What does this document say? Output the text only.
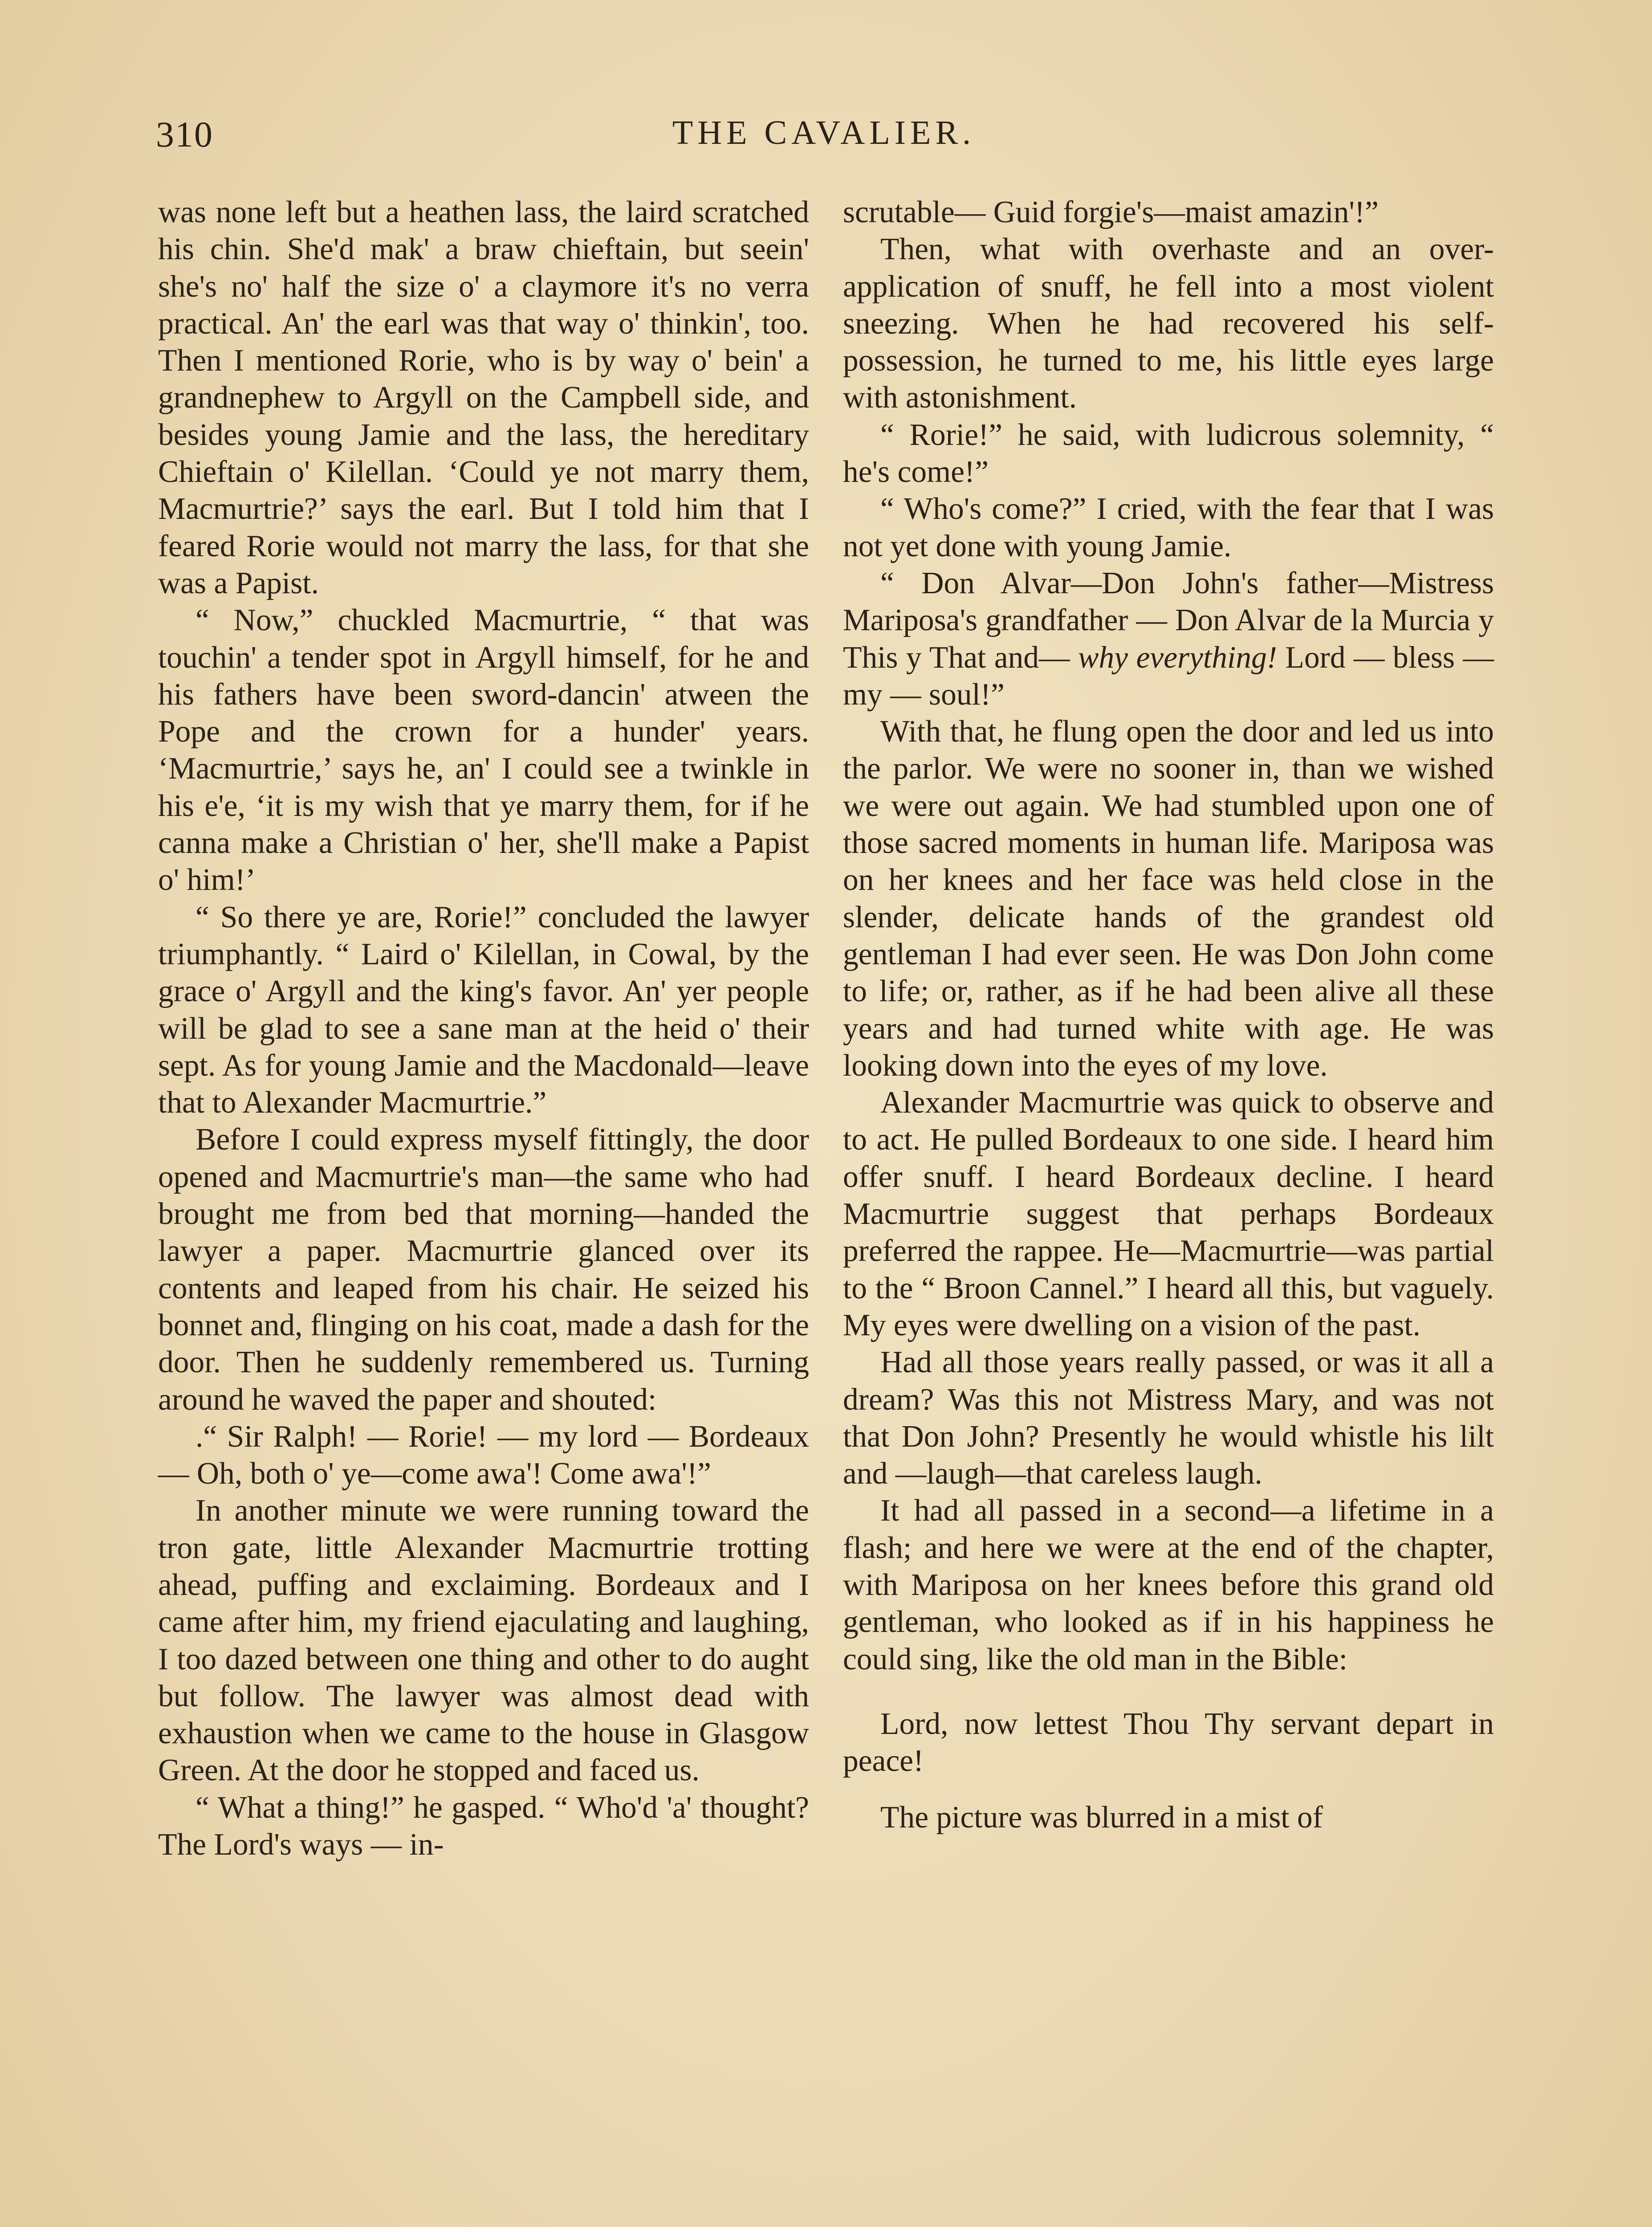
310	THE CAVALIER.

was none left but a heathen lass, the laird scratched his chin. She'd mak' a braw chieftain, but seein' she's no' half the size o' a claymore it's no verra practical. An' the earl was that way o' thinkin', too. Then I mentioned Rorie, who is by way o' bein' a grandnephew to Argyll on the Campbell side, and besides young Jamie and the lass, the hereditary Chieftain o' Kilellan. ‘Could ye not marry them, Macmurtrie?’ says the earl. But I told him that I feared Rorie would not marry the lass, for that she was a Papist.

“ Now,” chuckled Macmurtrie, “ that was touchin' a tender spot in Argyll himself, for he and his fathers have been sword-dancin' atween the Pope and the crown for a hunder' years. ‘Macmurtrie,’ says he, an' I could see a twinkle in his e'e, ‘it is my wish that ye marry them, for if he canna make a Christian o' her, she'll make a Papist o' him!’

“ So there ye are, Rorie!” concluded the lawyer triumphantly. “ Laird o' Kilellan, in Cowal, by the grace o' Argyll and the king's favor. An' yer people will be glad to see a sane man at the heid o' their sept. As for young Jamie and the Macdonald—leave that to Alexander Macmurtrie.”

Before I could express myself fittingly, the door opened and Macmurtrie's man—the same who had brought me from bed that morning—handed the lawyer a paper. Macmurtrie glanced over its contents and leaped from his chair. He seized his bonnet and, flinging on his coat, made a dash for the door. Then he suddenly remembered us. Turning around he waved the paper and shouted:

.“ Sir Ralph! — Rorie! — my lord — Bordeaux— Oh, both o' ye—come awa'! Come awa'!”

In another minute we were running toward the tron gate, little Alexander Macmurtrie trotting ahead, puffing and exclaiming. Bordeaux and I came after him, my friend ejaculating and laughing, I too dazed between one thing and other to do aught but follow. The lawyer was almost dead with exhaustion when we came to the house in Glasgow Green. At the door he stopped and faced us.

“ What a thing!” he gasped. “ Who'd 'a' thought? The Lord's ways — in-

scrutable— Guid forgie's—maist amazin'!”

Then, what with overhaste and an over-application of snuff, he fell into a most violent sneezing. When he had recovered his self-possession, he turned to me, his little eyes large with astonishment.

“ Rorie!” he said, with ludicrous solemnity, “ he's come!”

“ Who's come?” I cried, with the fear that I was not yet done with young Jamie.

“ Don Alvar—Don John's father—Mistress Mariposa's grandfather — Don Alvar de la Murcia y This y That and— why everything! Lord — bless — my — soul!”

With that, he flung open the door and led us into the parlor. We were no sooner in, than we wished we were out again. We had stumbled upon one of those sacred moments in human life. Mariposa was on her knees and her face was held close in the slender, delicate hands of the grandest old gentleman I had ever seen. He was Don John come to life; or, rather, as if he had been alive all these years and had turned white with age. He was looking down into the eyes of my love.

Alexander Macmurtrie was quick to observe and to act. He pulled Bordeaux to one side. I heard him offer snuff. I heard Bordeaux decline. I heard Macmurtrie suggest that perhaps Bordeaux preferred the rappee. He—Macmurtrie—was partial to the “ Broon Cannel.” I heard all this, but vaguely. My eyes were dwelling on a vision of the past.

Had all those years really passed, or was it all a dream? Was this not Mistress Mary, and was not that Don John? Presently he would whistle his lilt and —laugh—that careless laugh.

It had all passed in a second—a lifetime in a flash; and here we were at the end of the chapter, with Mariposa on her knees before this grand old gentleman, who looked as if in his happiness he could sing, like the old man in the Bible:

Lord, now lettest Thou Thy servant depart in peace!

The picture was blurred in a mist of
